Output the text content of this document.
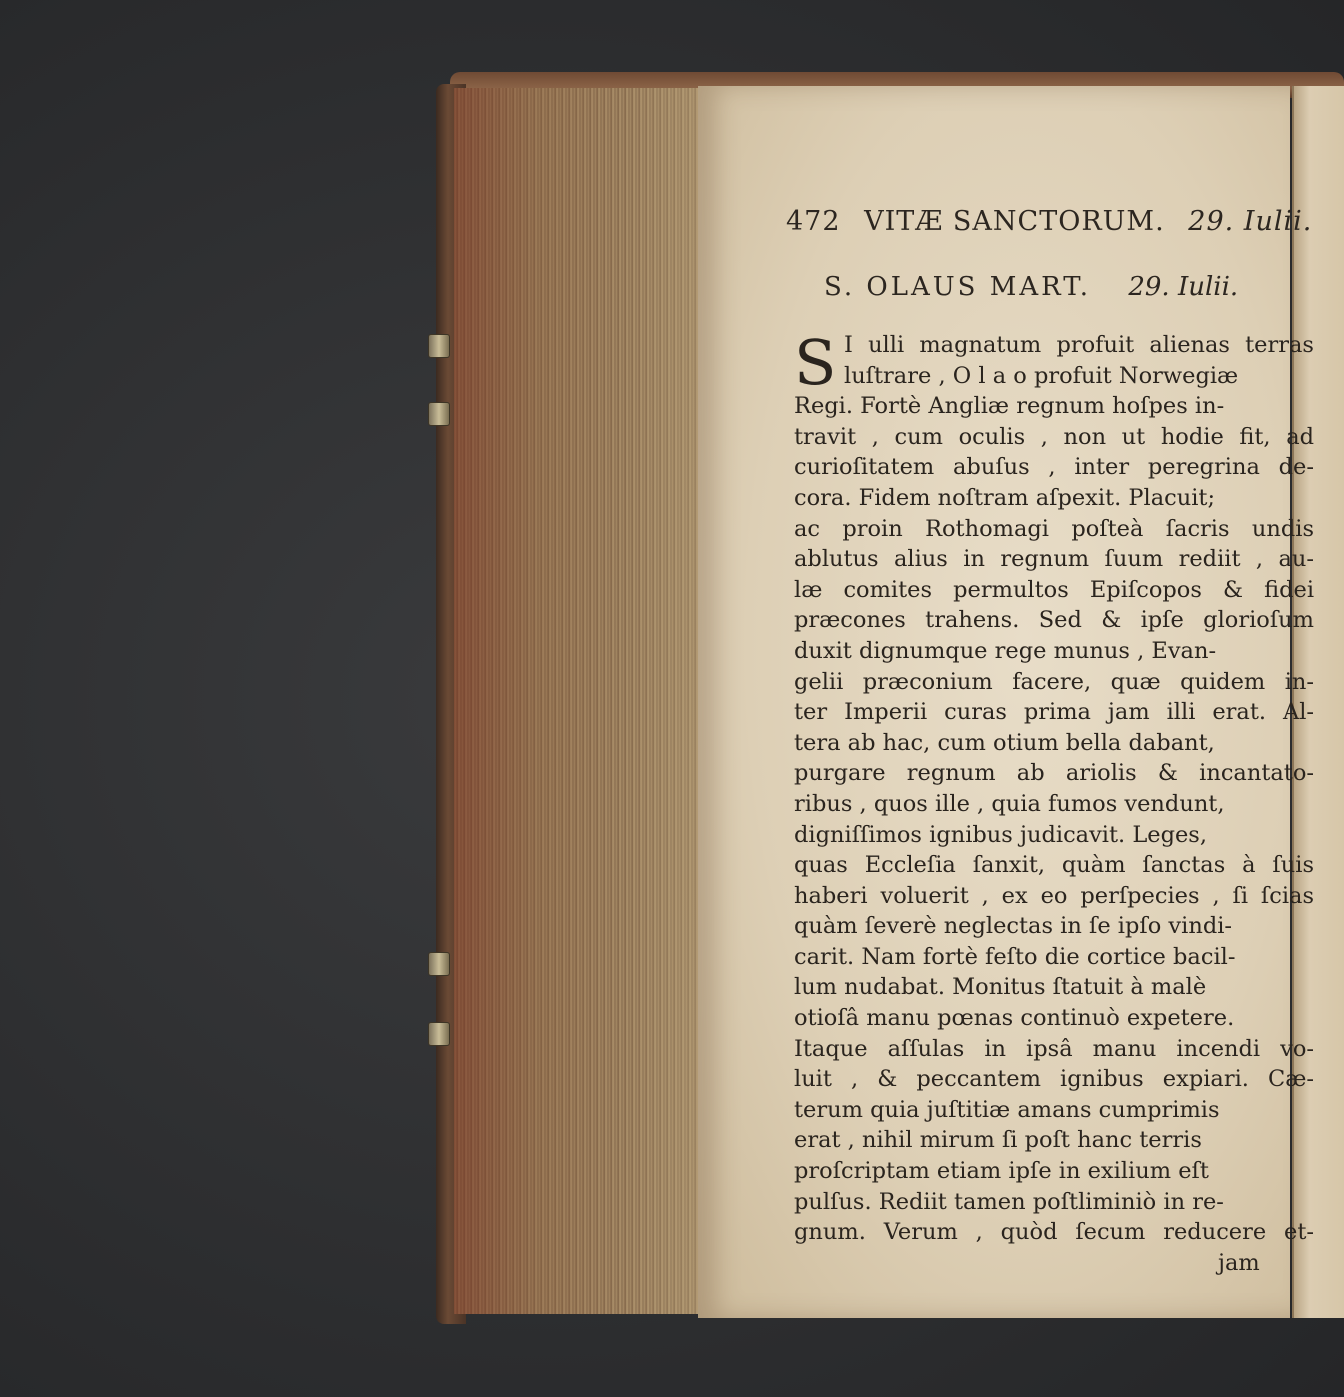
472 VITÆ SANCTORUM. 29. Iulii.
S. OLAUS MART. 29. Iulii.
S I ulli magnatum profuit alienas terras
luſtrare , O l a o profuit Norwegiæ
Regi. Fortè Angliæ regnum hoſpes in-
travit , cum oculis , non ut hodie fit, ad
curioſitatem abuſus , inter peregrina de-
cora. Fidem noſtram aſpexit. Placuit;
ac proin Rothomagi poſteà ſacris undis
ablutus alius in regnum ſuum rediit , au-
læ comites permultos Epiſcopos & fidei
præcones trahens. Sed & ipſe glorioſum
duxit dignumque rege munus , Evan-
gelii præconium facere, quæ quidem in-
ter Imperii curas prima jam illi erat. Al-
tera ab hac, cum otium bella dabant,
purgare regnum ab ariolis & incantato-
ribus , quos ille , quia fumos vendunt,
digniſſimos ignibus judicavit. Leges,
quas Eccleſia ſanxit, quàm ſanctas à ſuis
haberi voluerit , ex eo perſpecies , ſi ſcias
quàm ſeverè neglectas in ſe ipſo vindi-
carit. Nam fortè feſto die cortice bacil-
lum nudabat. Monitus ſtatuit à malè
otioſâ manu pœnas continuò expetere.
Itaque aſſulas in ipsâ manu incendi vo-
luit , & peccantem ignibus expiari. Cæ-
terum quia juſtitiæ amans cumprimis
erat , nihil mirum ſi poſt hanc terris
proſcriptam etiam ipſe in exilium eſt
pulſus. Rediit tamen poſtliminiò in re-
gnum. Verum , quòd ſecum reducere et-
jam
